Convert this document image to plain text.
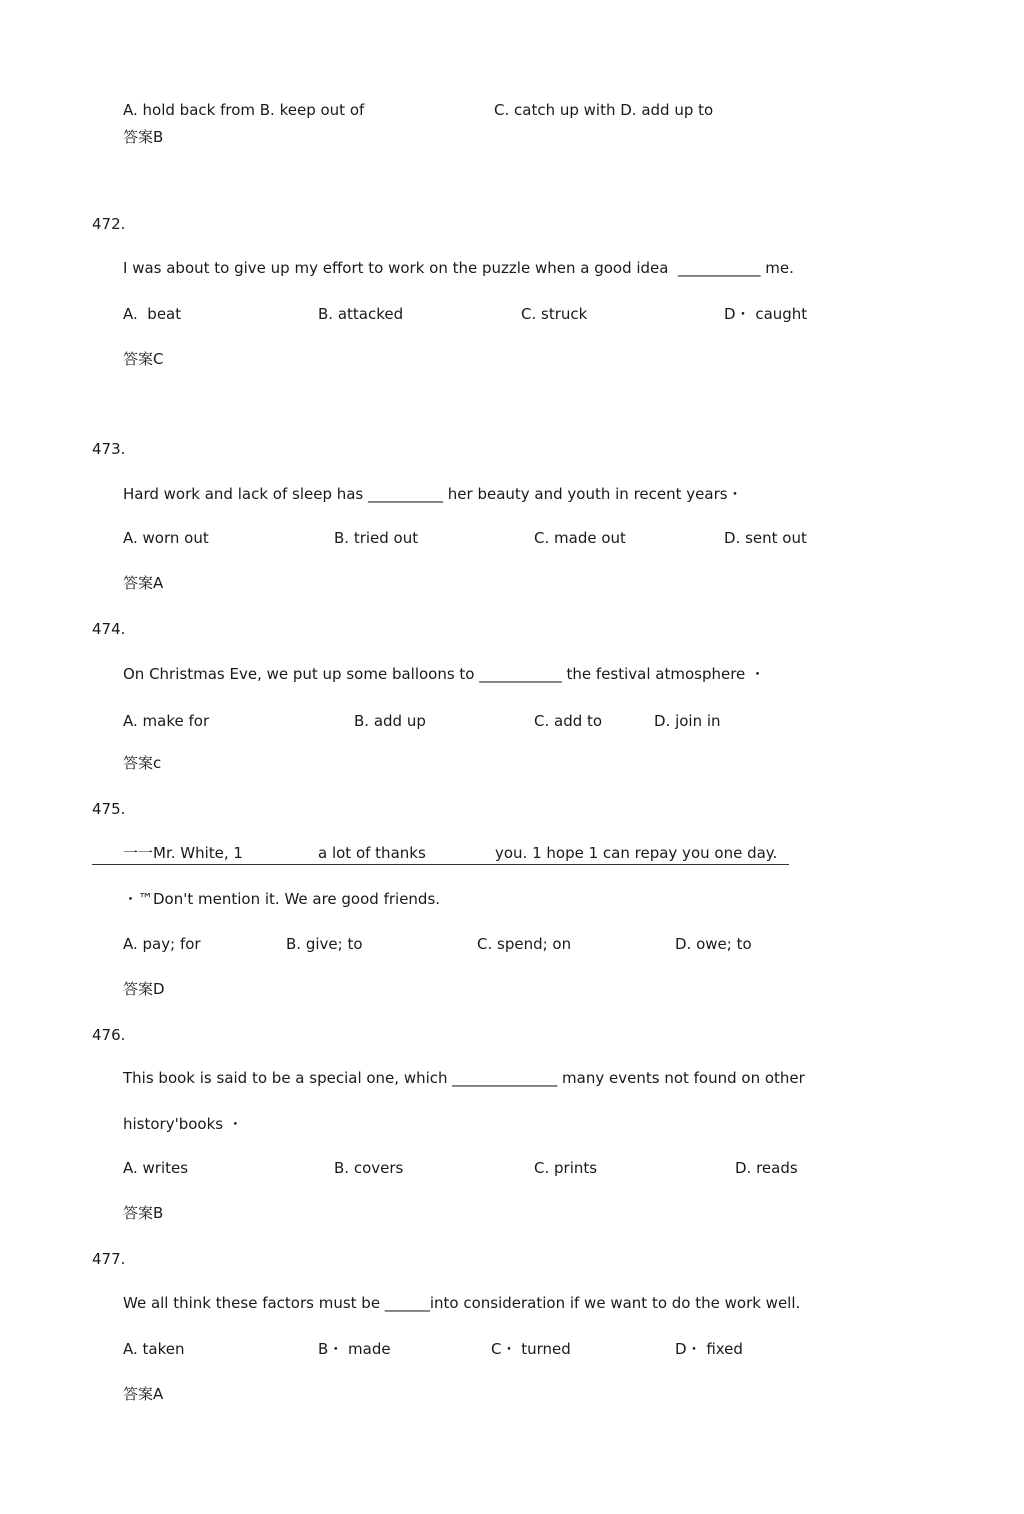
A. hold back from B. keep out of	C. catch up with D. add up to
答案B
472.
I was about to give up my effort to work on the puzzle when a good idea  ___________ me.
A.  beat	B. attacked	C. struck	D・ caught
答案C
473.
Hard work and lack of sleep has __________ her beauty and youth in recent years・
A. worn out	B. tried out	C. made out	D. sent out
答案A
474.
On Christmas Eve, we put up some balloons to ___________ the festival atmosphere ・
A. make for	B. add up	C. add to	D. join in
答案c
475.
一一Mr. White, 1	a lot of thanks	you. 1 hope 1 can repay you one day.
・™Don't mention it. We are good friends.
A. pay; for	B. give; to	C. spend; on	D. owe; to
答案D
476.
This book is said to be a special one, which ______________ many events not found on other
history'books ・
A. writes	B. covers	C. prints	D. reads
答案B
477.
We all think these factors must be ______into consideration if we want to do the work well.
A. taken	B・ made	C・ turned	D・ fixed
答案A
